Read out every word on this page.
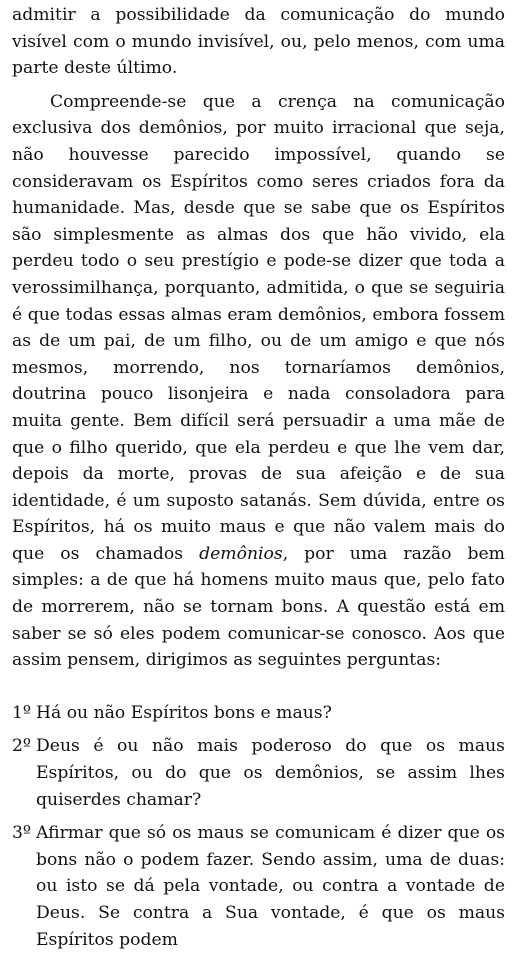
admitir a possibilidade da comunicação do mundo visível com o mundo invisível, ou, pelo menos, com uma parte deste último.

Compreende-se que a crença na comunicação exclusiva dos demônios, por muito irracional que seja, não houvesse parecido impossível, quando se consideravam os Espíritos como seres criados fora da humanidade. Mas, desde que se sabe que os Espíritos são simplesmente as almas dos que hão vivido, ela perdeu todo o seu prestígio e pode-se dizer que toda a verossimilhança, porquanto, admitida, o que se seguiria é que todas essas almas eram demônios, embora fossem as de um pai, de um filho, ou de um amigo e que nós mesmos, morrendo, nos tornaríamos demônios, doutrina pouco lisonjeira e nada consoladora para muita gente. Bem difícil será persuadir a uma mãe de que o filho querido, que ela perdeu e que lhe vem dar, depois da morte, provas de sua afeição e de sua identidade, é um suposto satanás. Sem dúvida, entre os Espíritos, há os muito maus e que não valem mais do que os chamados demônios, por uma razão bem simples: a de que há homens muito maus que, pelo fato de morrerem, não se tornam bons. A questão está em saber se só eles podem comunicar-se conosco. Aos que assim pensem, dirigimos as seguintes perguntas:

1º Há ou não Espíritos bons e maus?
2º Deus é ou não mais poderoso do que os maus Espíritos, ou do que os demônios, se assim lhes quiserdes chamar?
3º Afirmar que só os maus se comunicam é dizer que os bons não o podem fazer. Sendo assim, uma de duas: ou isto se dá pela vontade, ou contra a vontade de Deus. Se contra a Sua vontade, é que os maus Espíritos podem
